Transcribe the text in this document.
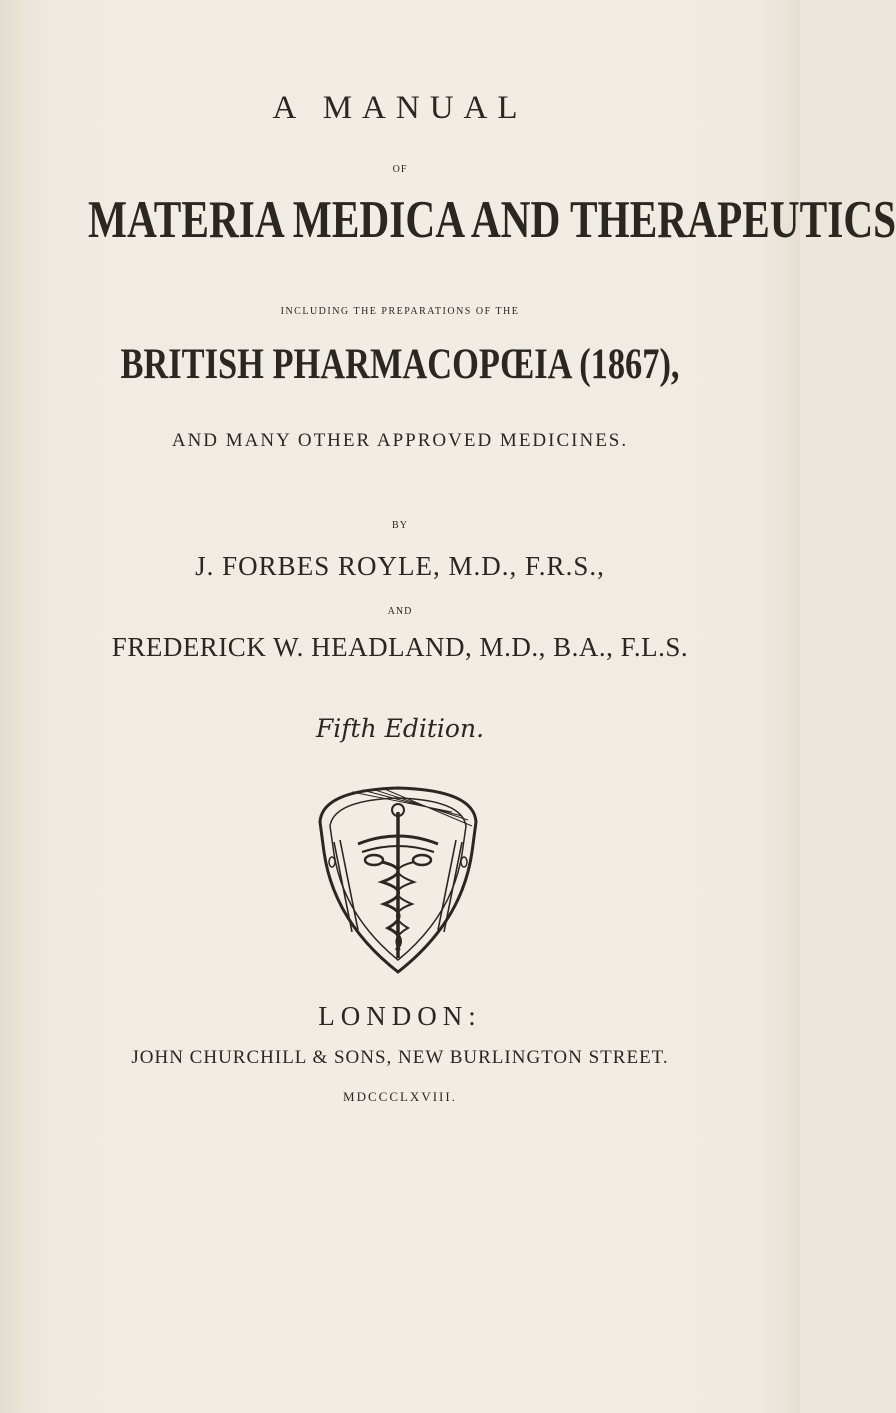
A MANUAL
OF
MATERIA MEDICA AND THERAPEUTICS
INCLUDING THE PREPARATIONS OF THE
BRITISH PHARMACOPŒIA (1867),
AND MANY OTHER APPROVED MEDICINES.
BY
J. FORBES ROYLE, M.D., F.R.S.,
AND
FREDERICK W. HEADLAND, M.D., B.A., F.L.S.
Fifth Edition.
LONDON:
JOHN CHURCHILL & SONS, NEW BURLINGTON STREET.
MDCCCLXVIII.
